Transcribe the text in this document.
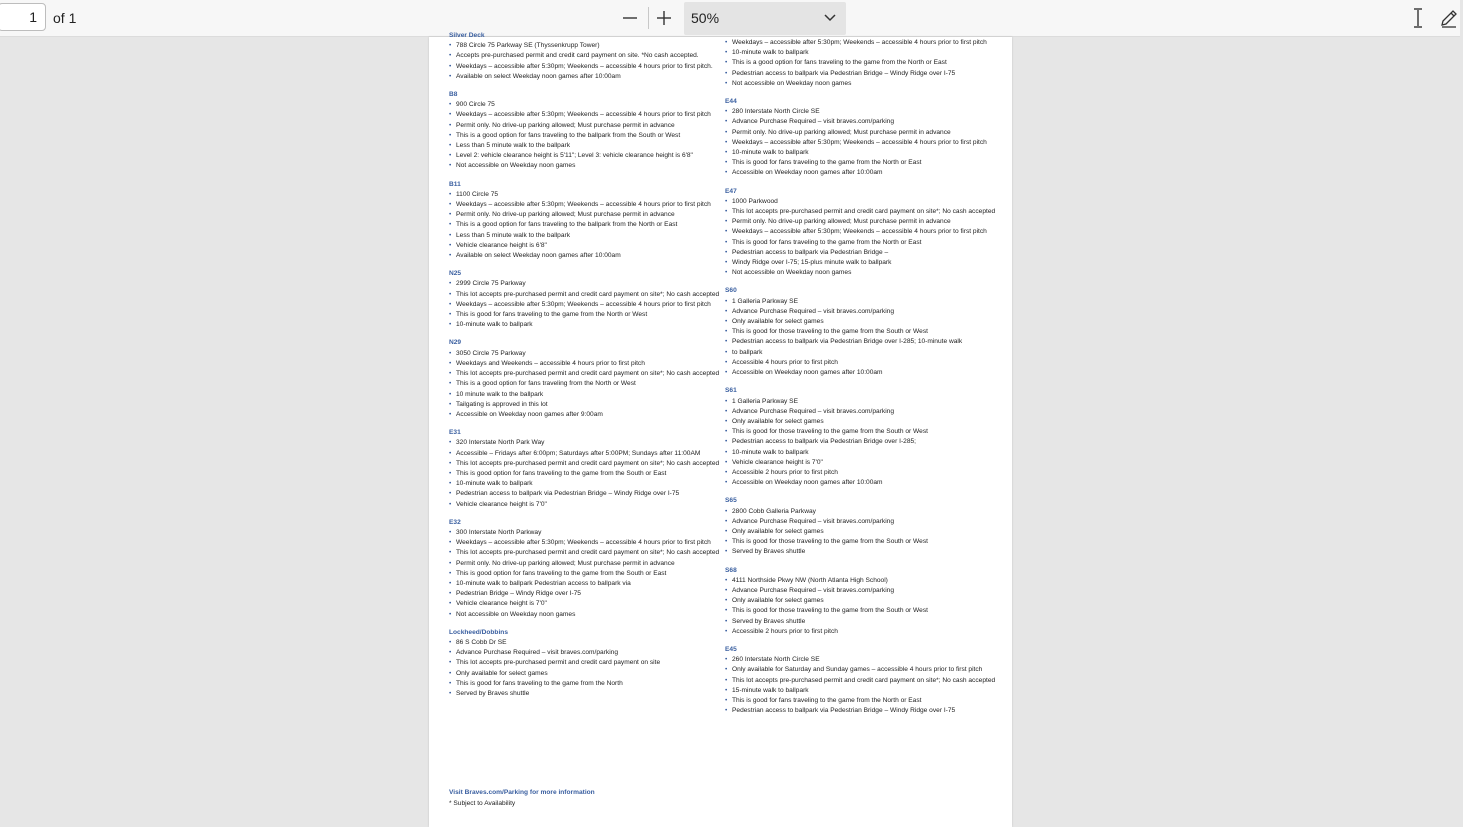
1	of 1	50%
Silver Deck
• 788 Circle 75 Parkway SE (Thyssenkrupp Tower)
• Accepts pre-purchased permit and credit card payment on site. *No cash accepted.
• Weekdays – accessible after 5:30pm; Weekends – accessible 4 hours prior to first pitch.
• Available on select Weekday noon games after 10:00am
B8
• 900 Circle 75
• Weekdays – accessible after 5:30pm; Weekends – accessible 4 hours prior to first pitch
• Permit only. No drive-up parking allowed; Must purchase permit in advance
• This is a good option for fans traveling to the ballpark from the South or West
• Less than 5 minute walk to the ballpark
• Level 2: vehicle clearance height is 5'11"; Level 3: vehicle clearance height is 6'8"
• Not accessible on Weekday noon games
B11
• 1100 Circle 75
• Weekdays – accessible after 5:30pm; Weekends – accessible 4 hours prior to first pitch
• Permit only. No drive-up parking allowed; Must purchase permit in advance
• This is a good option for fans traveling to the ballpark from the North or East
• Less than 5 minute walk to the ballpark
• Vehicle clearance height is 6'8"
• Available on select Weekday noon games after 10:00am
N25
• 2999 Circle 75 Parkway
• This lot accepts pre-purchased permit and credit card payment on site*; No cash accepted
• Weekdays – accessible after 5:30pm; Weekends – accessible 4 hours prior to first pitch
• This is good for fans traveling to the game from the North or West
• 10-minute walk to ballpark
N29
• 3050 Circle 75 Parkway
• Weekdays and Weekends – accessible 4 hours prior to first pitch
• This lot accepts pre-purchased permit and credit card payment on site*; No cash accepted
• This is a good option for fans traveling from the North or West
• 10 minute walk to the ballpark
• Tailgating is approved in this lot
• Accessible on Weekday noon games after 9:00am
E31
• 320 Interstate North Park Way
• Accessible – Fridays after 6:00pm; Saturdays after 5:00PM; Sundays after 11:00AM
• This lot accepts pre-purchased permit and credit card payment on site*; No cash accepted
• This is good option for fans traveling to the game from the South or East
• 10-minute walk to ballpark
• Pedestrian access to ballpark via Pedestrian Bridge – Windy Ridge over I-75
• Vehicle clearance height is 7'0"
E32
• 300 Interstate North Parkway
• Weekdays – accessible after 5:30pm; Weekends – accessible 4 hours prior to first pitch
• This lot accepts pre-purchased permit and credit card payment on site*; No cash accepted
• Permit only. No drive-up parking allowed; Must purchase permit in advance
• This is good option for fans traveling to the game from the South or East
• 10-minute walk to ballpark Pedestrian access to ballpark via
• Pedestrian Bridge – Windy Ridge over I-75
• Vehicle clearance height is 7'0"
• Not accessible on Weekday noon games
Lockheed/Dobbins
• 86 S Cobb Dr SE
• Advance Purchase Required – visit braves.com/parking
• This lot accepts pre-purchased permit and credit card payment on site
• Only available for select games
• This is good for fans traveling to the game from the North
• Served by Braves shuttle
• Weekdays – accessible after 5:30pm; Weekends – accessible 4 hours prior to first pitch
• 10-minute walk to ballpark
• This is a good option for fans traveling to the game from the North or East
• Pedestrian access to ballpark via Pedestrian Bridge – Windy Ridge over I-75
• Not accessible on Weekday noon games
E44
• 280 Interstate North Circle SE
• Advance Purchase Required – visit braves.com/parking
• Permit only. No drive-up parking allowed; Must purchase permit in advance
• Weekdays – accessible after 5:30pm; Weekends – accessible 4 hours prior to first pitch
• 10-minute walk to ballpark
• This is good for fans traveling to the game from the North or East
• Accessible on Weekday noon games after 10:00am
E47
• 1000 Parkwood
• This lot accepts pre-purchased permit and credit card payment on site*; No cash accepted
• Permit only. No drive-up parking allowed; Must purchase permit in advance
• Weekdays – accessible after 5:30pm; Weekends – accessible 4 hours prior to first pitch
• This is good for fans traveling to the game from the North or East
• Pedestrian access to ballpark via Pedestrian Bridge –
• Windy Ridge over I-75; 15-plus minute walk to ballpark
• Not accessible on Weekday noon games
S60
• 1 Galleria Parkway SE
• Advance Purchase Required – visit braves.com/parking
• Only available for select games
• This is good for those traveling to the game from the South or West
• Pedestrian access to ballpark via Pedestrian Bridge over I-285; 10-minute walk
• to ballpark
• Accessible 4 hours prior to first pitch
• Accessible on Weekday noon games after 10:00am
S61
• 1 Galleria Parkway SE
• Advance Purchase Required – visit braves.com/parking
• Only available for select games
• This is good for those traveling to the game from the South or West
• Pedestrian access to ballpark via Pedestrian Bridge over I-285;
• 10-minute walk to ballpark
• Vehicle clearance height is 7'0"
• Accessible 2 hours prior to first pitch
• Accessible on Weekday noon games after 10:00am
S65
• 2800 Cobb Galleria Parkway
• Advance Purchase Required – visit braves.com/parking
• Only available for select games
• This is good for those traveling to the game from the South or West
• Served by Braves shuttle
S68
• 4111 Northside Pkwy NW (North Atlanta High School)
• Advance Purchase Required – visit braves.com/parking
• Only available for select games
• This is good for those traveling to the game from the South or West
• Served by Braves shuttle
• Accessible 2 hours prior to first pitch
E45
• 260 Interstate North Circle SE
• Only available for Saturday and Sunday games – accessible 4 hours prior to first pitch
• This lot accepts pre-purchased permit and credit card payment on site*; No cash accepted
• 15-minute walk to ballpark
• This is good for fans traveling to the game from the North or East
• Pedestrian access to ballpark via Pedestrian Bridge – Windy Ridge over I-75
Visit Braves.com/Parking for more information
* Subject to Availability
